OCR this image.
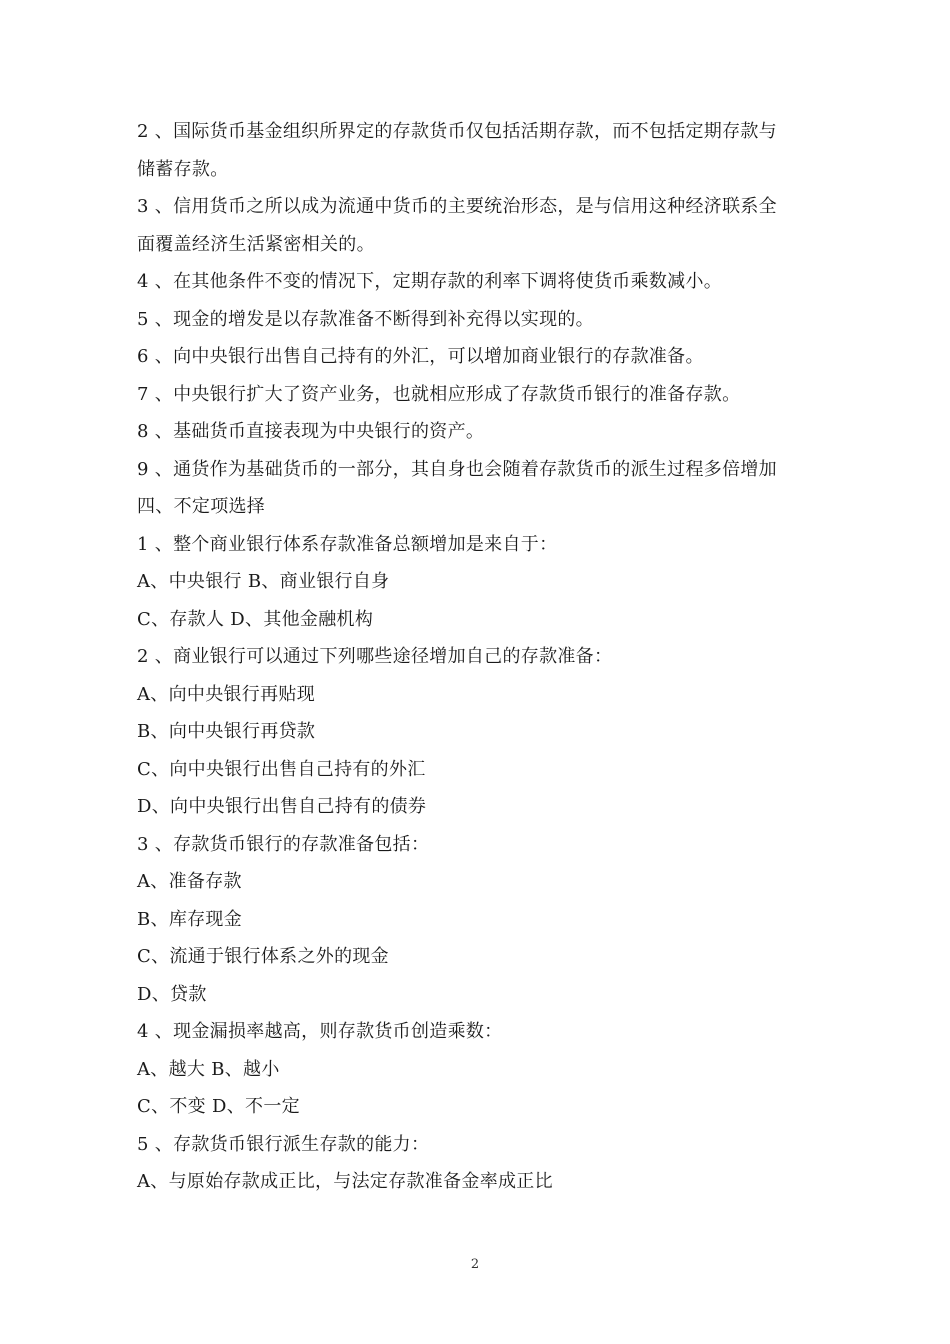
2 、国际货币基金组织所界定的存款货币仅包括活期存款，而不包括定期存款与
储蓄存款。
3 、信用货币之所以成为流通中货币的主要统治形态，是与信用这种经济联系全
面覆盖经济生活紧密相关的。
4 、在其他条件不变的情况下，定期存款的利率下调将使货币乘数减小。
5 、现金的增发是以存款准备不断得到补充得以实现的。
6 、向中央银行出售自己持有的外汇，可以增加商业银行的存款准备。
7 、中央银行扩大了资产业务，也就相应形成了存款货币银行的准备存款。
8 、基础货币直接表现为中央银行的资产。
9 、通货作为基础货币的一部分，其自身也会随着存款货币的派生过程多倍增加
四、不定项选择
1 、整个商业银行体系存款准备总额增加是来自于：
A、中央银行 B、商业银行自身
C、存款人 D、其他金融机构
2 、商业银行可以通过下列哪些途径增加自己的存款准备：
A、向中央银行再贴现
B、向中央银行再贷款
C、向中央银行出售自己持有的外汇
D、向中央银行出售自己持有的债券
3 、存款货币银行的存款准备包括：
A、准备存款
B、库存现金
C、流通于银行体系之外的现金
D、贷款
4 、现金漏损率越高，则存款货币创造乘数：
A、越大 B、越小
C、不变 D、不一定
5 、存款货币银行派生存款的能力：
A、与原始存款成正比，与法定存款准备金率成正比
2
